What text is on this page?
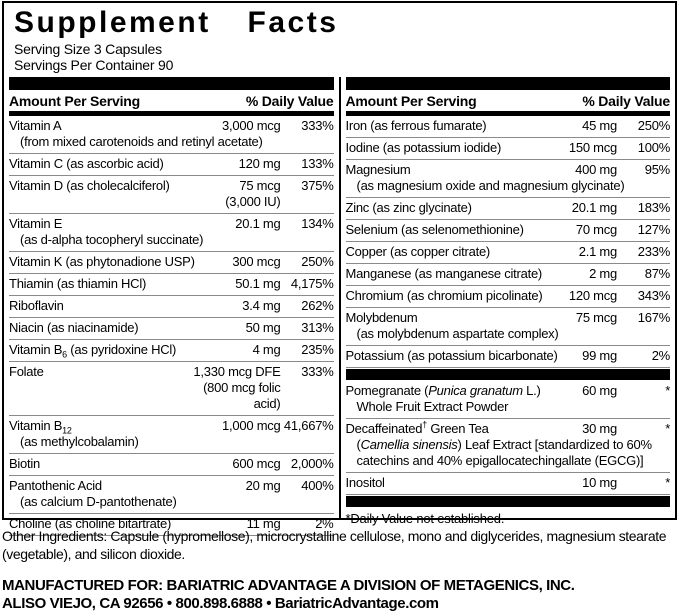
Supplement Facts
Serving Size 3 Capsules
Servings Per Container 90
Amount Per Serving	% Daily Value
Vitamin A	3,000 mcg	333%
(from mixed carotenoids and retinyl acetate)
Vitamin C (as ascorbic acid)	120 mg	133%
Vitamin D (as cholecalciferol)	75 mcg	375%
(3,000 IU)
Vitamin E	20.1 mg	134%
(as d-alpha tocopheryl succinate)
Vitamin K (as phytonadione USP)	300 mcg	250%
Thiamin (as thiamin HCl)	50.1 mg 4,175%
Riboflavin	3.4 mg	262%
Niacin (as niacinamide)	50 mg	313%
Vitamin $B_6$ (as pyridoxine HCl)	4 mg	235%
Folate	1,330 mcg DFE	333%
(800 mcg folic acid)
Vitamin $B_{12}$	1,000 mcg 41,667%
(as methylcobalamin)
Biotin	600 mcg 2,000%
Pantothenic Acid	20 mg	400%
(as calcium D-pantothenate)
Choline (as choline bitartrate)	11 mg	2%
Amount Per Serving	% Daily Value
Iron (as ferrous fumarate)	45 mg	250%
Iodine (as potassium iodide)	150 mcg	100%
Magnesium	400 mg	95%
(as magnesium oxide and magnesium glycinate)
Zinc (as zinc glycinate)	20.1 mg	183%
Selenium (as selenomethionine)	70 mcg	127%
Copper (as copper citrate)	2.1 mg	233%
Manganese (as manganese citrate)	2 mg	87%
Chromium (as chromium picolinate)	120 mcg	343%
Molybdenum	75 mcg	167%
(as molybdenum aspartate complex)
Potassium (as potassium bicarbonate)	99 mg	2%
Pomegranate (Punica granatum L.)	60 mg	*
Whole Fruit Extract Powder
Decaffeinated† Green Tea	30 mg	*
(Camellia sinensis) Leaf Extract [standardized to 60% catechins and 40% epigallocatechingallate (EGCG)]
Inositol	10 mg	*
*Daily Value not established.
Other Ingredients: Capsule (hypromellose), microcrystalline cellulose, mono and diglycerides, magnesium stearate (vegetable), and silicon dioxide.
MANUFACTURED FOR: BARIATRIC ADVANTAGE A DIVISION OF METAGENICS, INC.
ALISO VIEJO, CA 92656 • 800.898.6888 • BariatricAdvantage.com
